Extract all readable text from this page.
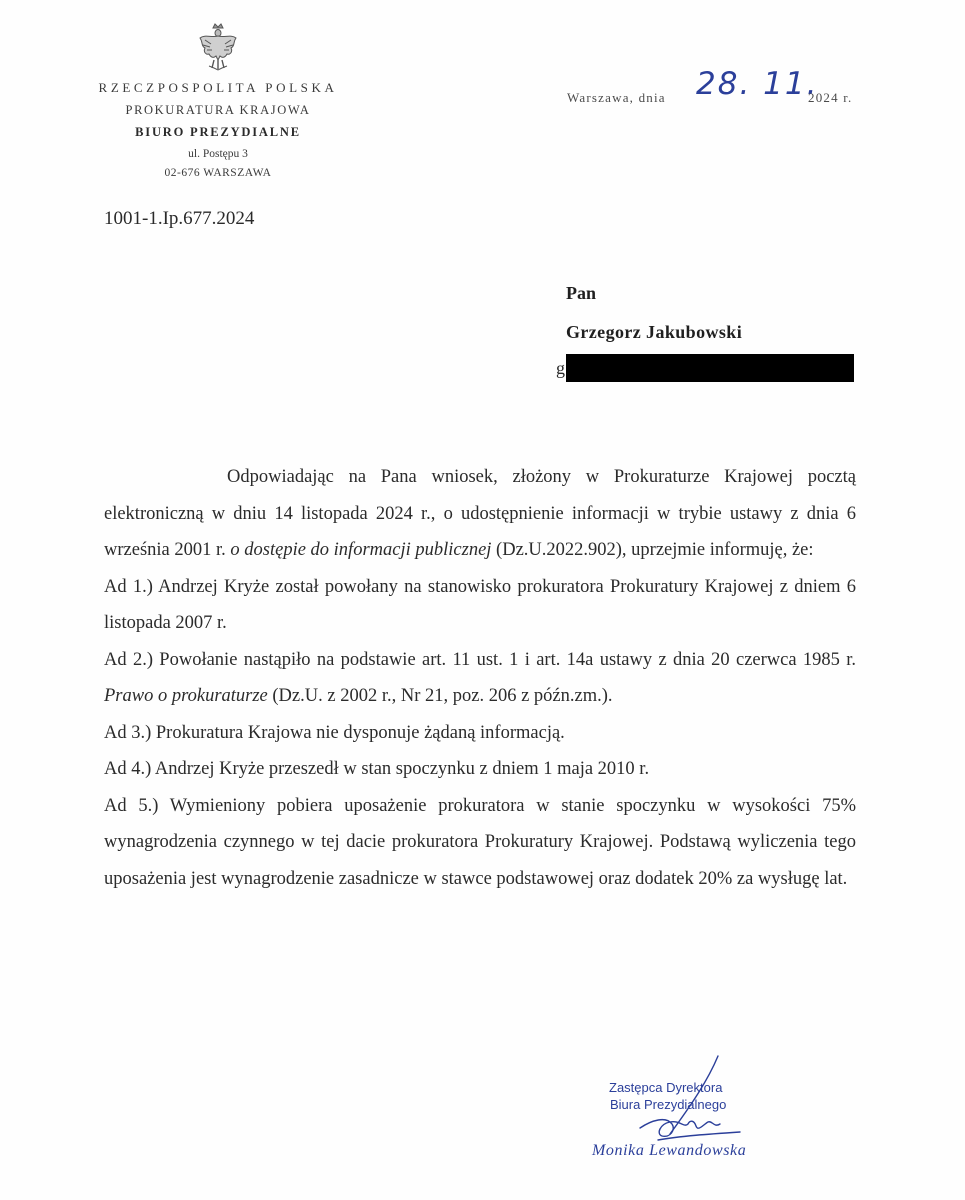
RZECZPOSPOLITA POLSKA
PROKURATURA KRAJOWA
BIURO PREZYDIALNE
ul. Postępu 3
02-676 WARSZAWA
1001-1.Ip.677.2024
Warszawa, dnia 28. 11.
2024 r.
Pan
Grzegorz Jakubowski
g

Odpowiadając na Pana wniosek, złożony w Prokuraturze Krajowej pocztą elektroniczną w dniu 14 listopada 2024 r., o udostępnienie informacji w trybie ustawy z dnia 6 września 2001 r. o dostępie do informacji publicznej (Dz.U.2022.902), uprzejmie informuję, że:

Ad 1.) Andrzej Kryże został powołany na stanowisko prokuratora Prokuratury Krajowej z dniem 6 listopada 2007 r.

Ad 2.) Powołanie nastąpiło na podstawie art. 11 ust. 1 i art. 14a ustawy z dnia 20 czerwca 1985 r. Prawo o prokuraturze (Dz.U. z 2002 r., Nr 21, poz. 206 z późn.zm.).

Ad 3.) Prokuratura Krajowa nie dysponuje żądaną informacją.

Ad 4.) Andrzej Kryże przeszedł w stan spoczynku z dniem 1 maja 2010 r.

Ad 5.) Wymieniony pobiera uposażenie prokuratora w stanie spoczynku w wysokości 75% wynagrodzenia czynnego w tej dacie prokuratora Prokuratury Krajowej. Podstawą wyliczenia tego uposażenia jest wynagrodzenie zasadnicze w stawce podstawowej oraz dodatek 20% za wysługę lat.

Zastępca Dyrektora
Biura Prezydialnego
Monika Lewandowska
